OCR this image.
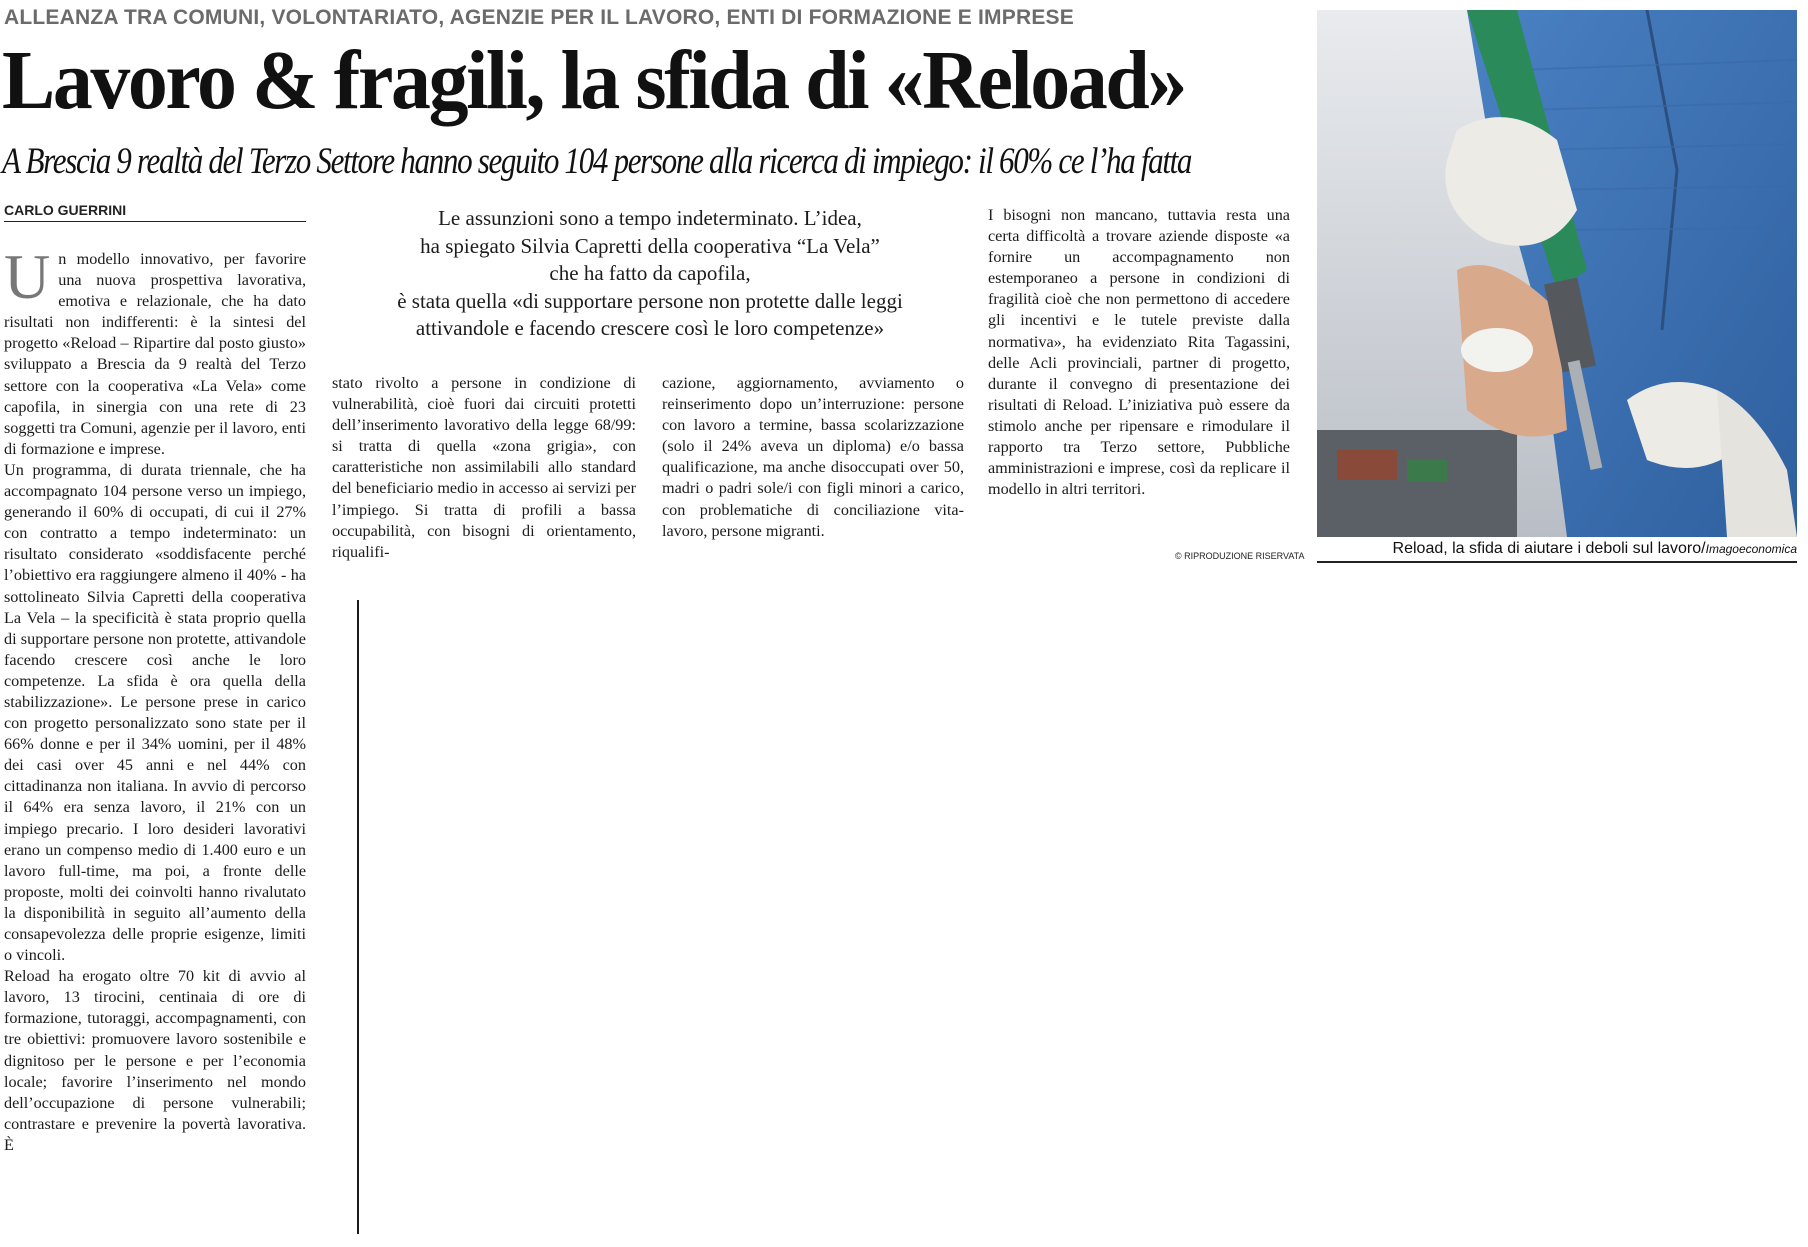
ALLEANZA TRA COMUNI, VOLONTARIATO, AGENZIE PER IL LAVORO, ENTI DI FORMAZIONE E IMPRESE
Lavoro & fragili, la sfida di «Reload»
A Brescia 9 realtà del Terzo Settore hanno seguito 104 persone alla ricerca di impiego: il 60% ce l’ha fatta
CARLO GUERRINI
U n modello innovativo, per favorire una nuova prospettiva lavorativa, emotiva e relazionale, che ha dato risultati non indifferenti: è la sintesi del progetto «Reload – Ripartire dal posto giusto» sviluppato a Brescia da 9 realtà del Terzo settore con la cooperativa «La Vela» come capofila, in sinergia con una rete di 23 soggetti tra Comuni, agenzie per il lavoro, enti di formazione e imprese.

Un programma, di durata triennale, che ha accompagnato 104 persone verso un impiego, generando il 60% di occupati, di cui il 27% con contratto a tempo indeterminato: un risultato considerato «soddisfacente perché l’obiettivo era raggiungere almeno il 40% - ha sottolineato Silvia Capretti della cooperativa La Vela – la specificità è stata proprio quella di supportare persone non protette, attivandole facendo crescere così anche le loro competenze. La sfida è ora quella della stabilizzazione». Le persone prese in carico con progetto personalizzato sono state per il 66% donne e per il 34% uomini, per il 48% dei casi over 45 anni e nel 44% con cittadinanza non italiana. In avvio di percorso il 64% era senza lavoro, il 21% con un impiego precario. I loro desideri lavorativi erano un compenso medio di 1.400 euro e un lavoro full-time, ma poi, a fronte delle proposte, molti dei coinvolti hanno rivalutato la disponibilità in seguito all’aumento della consapevolezza delle proprie esigenze, limiti o vincoli.

Reload ha erogato oltre 70 kit di avvio al lavoro, 13 tirocini, centinaia di ore di formazione, tutoraggi, accompagnamenti, con tre obiettivi: promuovere lavoro sostenibile e dignitoso per le persone e per l’economia locale; favorire l’inserimento nel mondo dell’occupazione di persone vulnerabili; contrastare e prevenire la povertà lavorativa. È

Le assunzioni sono a tempo indeterminato. L’idea,
ha spiegato Silvia Capretti della cooperativa “La Vela”
che ha fatto da capofila,
è stata quella «di supportare persone non protette dalle leggi
attivandole e facendo crescere così le loro competenze»

stato rivolto a persone in condizione di vulnerabilità, cioè fuori dai circuiti protetti dell’inserimento lavorativo della legge 68/99: si tratta di quella «zona grigia», con caratteristiche non assimilabili allo standard del beneficiario medio in accesso ai servizi per l’impiego. Si tratta di profili a bassa occupabilità, con bisogni di orientamento, riqualifi-

cazione, aggiornamento, avviamento o reinserimento dopo un’interruzione: persone con lavoro a termine, bassa scolarizzazione (solo il 24% aveva un diploma) e/o bassa qualificazione, ma anche disoccupati over 50, madri o padri sole/i con figli minori a carico, con problematiche di conciliazione vita-lavoro, persone migranti.

I bisogni non mancano, tuttavia resta una certa difficoltà a trovare aziende disposte «a fornire un accompagnamento non estemporaneo a persone in condizioni di fragilità cioè che non permettono di accedere gli incentivi e le tutele previste dalla normativa», ha evidenziato Rita Tagassini, delle Acli provinciali, partner di progetto, durante il convegno di presentazione dei risultati di Reload. L’iniziativa può essere da stimolo anche per ripensare e rimodulare il rapporto tra Terzo settore, Pubbliche amministrazioni e imprese, così da replicare il modello in altri territori.

© RIPRODUZIONE RISERVATA	Reload, la sfida di aiutare i deboli sul lavoro/Imagoeconomica
